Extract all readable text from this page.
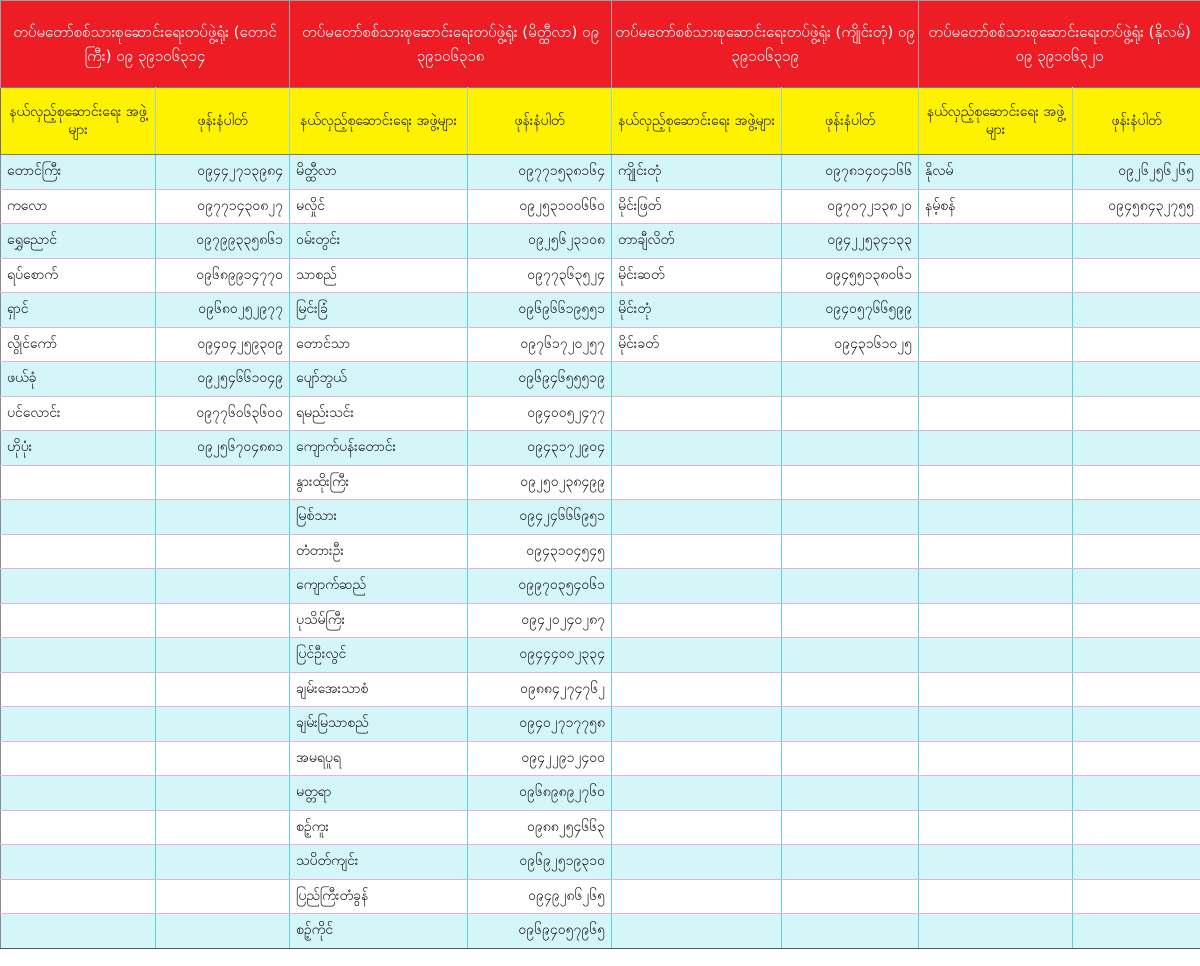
တပ်မတော်စစ်သားစုဆောင်းရေးတပ်ဖွဲ့ရုံး (တောင်ကြီး) ဝ၉ ၃၉၁၀၆၃၁၄		တပ်မတော်စစ်သားစုဆောင်းရေးတပ်ဖွဲ့ရုံး (မိတ္ထီလာ) ဝ၉ ၃၉၁၀၆၃၁၈		တပ်မတော်စစ်သားစုဆောင်းရေးတပ်ဖွဲ့ရုံး (ကျိုင်းတုံ) ဝ၉ ၃၉၁၀၆၃၁၉		တပ်မတော်စစ်သားစုဆောင်းရေးတပ်ဖွဲ့ရုံး (နိုလမ်) ဝ၉ ၃၉၁၀၆၃၂၀	
နယ်လှည့်စုဆောင်းရေး အဖွဲ့များ	ဖုန်းနံပါတ်	နယ်လှည့်စုဆောင်းရေး အဖွဲ့များ	ဖုန်းနံပါတ်	နယ်လှည့်စုဆောင်းရေး အဖွဲ့များ	ဖုန်းနံပါတ်	နယ်လှည့်စုဆောင်းရေး အဖွဲ့များ	ဖုန်းနံပါတ်
တောင်ကြီး	၀၉၄၄၂၇၁၃၉၈၄	မိတ္ထီလာ	၀၉၇၇၁၅၃၈၁၆၄	ကျိုင်းတုံ	၀၉၇၈၁၄၀၄၁၆၆	နိုလမ်	၀၉၂၆၂၅၆၂၆၅
ကလော	၀၉၇၇၁၄၃၀၈၂၇	မလှိုင်	၀၉၂၅၃၁၀၀၆၆၀	မိုင်းဖြတ်	၀၉၇၀၇၂၁၃၈၂၀	နမ့်စန်	၀၉၄၅၈၄၃၂၇၅၅
ရွှေညောင်	၀၉၇၉၉၃၃၅၈၆၁	ဝမ်းတွင်း	၀၉၂၅၆၂၃၁၀၈	တာချီလိတ်	၀၉၄၂၂၅၃၄၁၃၃		
ရပ်စောက်	၀၉၆၈၉၉၁၄၇၇၀	သာစည်	၀၉၇၇၃၆၃၅၂၄	မိုင်းဆတ်	၀၉၄၅၅၁၃၈၀၆၁		
ရှာင်	၀၉၆၈၀၂၅၂၉၇၇	မြင်းခြံ	၀၉၆၉၆၆၁၉၅၅၁	မိုင်းတုံ	၀၉၄၀၅၇၆၆၅၉၉		
လွိုင်ကော်	၀၉၄၀၄၂၅၉၃၀၉	တောင်သာ	၀၉၇၆၁၇၂၀၂၅၇	မိုင်းခတ်	၀၉၄၃၁၆၁၀၂၅		
ဖယ်ခုံ	၀၉၂၅၄၆၆၁၀၄၉	ပျော်ဘွယ်	၀၉၆၉၄၆၅၅၅၁၉				
ပင်လောင်း	၀၉၇၇၆၀၆၃၆၀၀	ရမည်းသင်း	၀၉၄၀၀၅၂၄၇၇				
ဟိုပုံး	၀၉၂၅၆၇၀၄၈၈၁	ကျောက်ပန်းတောင်း	၀၉၄၃၁၇၂၉၀၄				
		နွားထိုးကြီး	၀၉၂၅၀၂၃၈၄၉၉				
		မြစ်သား	၀၉၄၂၄၆၆၆၉၅၁				
		တံတားဦး	၀၉၄၃၁၀၄၅၄၅				
		ကျောက်ဆည်	၀၉၉၇၀၃၅၄၀၆၁				
		ပုသိမ်ကြီး	၀၉၄၂၀၂၄၀၂၈၇				
		ပြင်ဦးလွင်	၀၉၄၄၄၀၀၂၃၃၄				
		ချမ်းအေးသာစံ	၀၉၈၈၄၂၇၄၇၆၂				
		ချမ်းမြသာစည်	၀၉၄၀၂၇၁၇၇၅၈				
		အမရပူရ	၀၉၄၂၂၉၁၂၄၀၀				
		မတ္တရာ	၀၉၆၈၉၈၉၂၇၆၀				
		စဥ့်ကူး	၀၉၈၈၂၅၄၆၆၃				
		သပိတ်ကျင်း	၀၉၆၉၂၅၁၉၃၁၀				
		ပြည်ကြီးတံခွန်	၀၉၄၉၂၈၆၂၆၅				
		စဥ့်ကိုင်	၀၉၆၉၄၀၅၇၉၆၅				
